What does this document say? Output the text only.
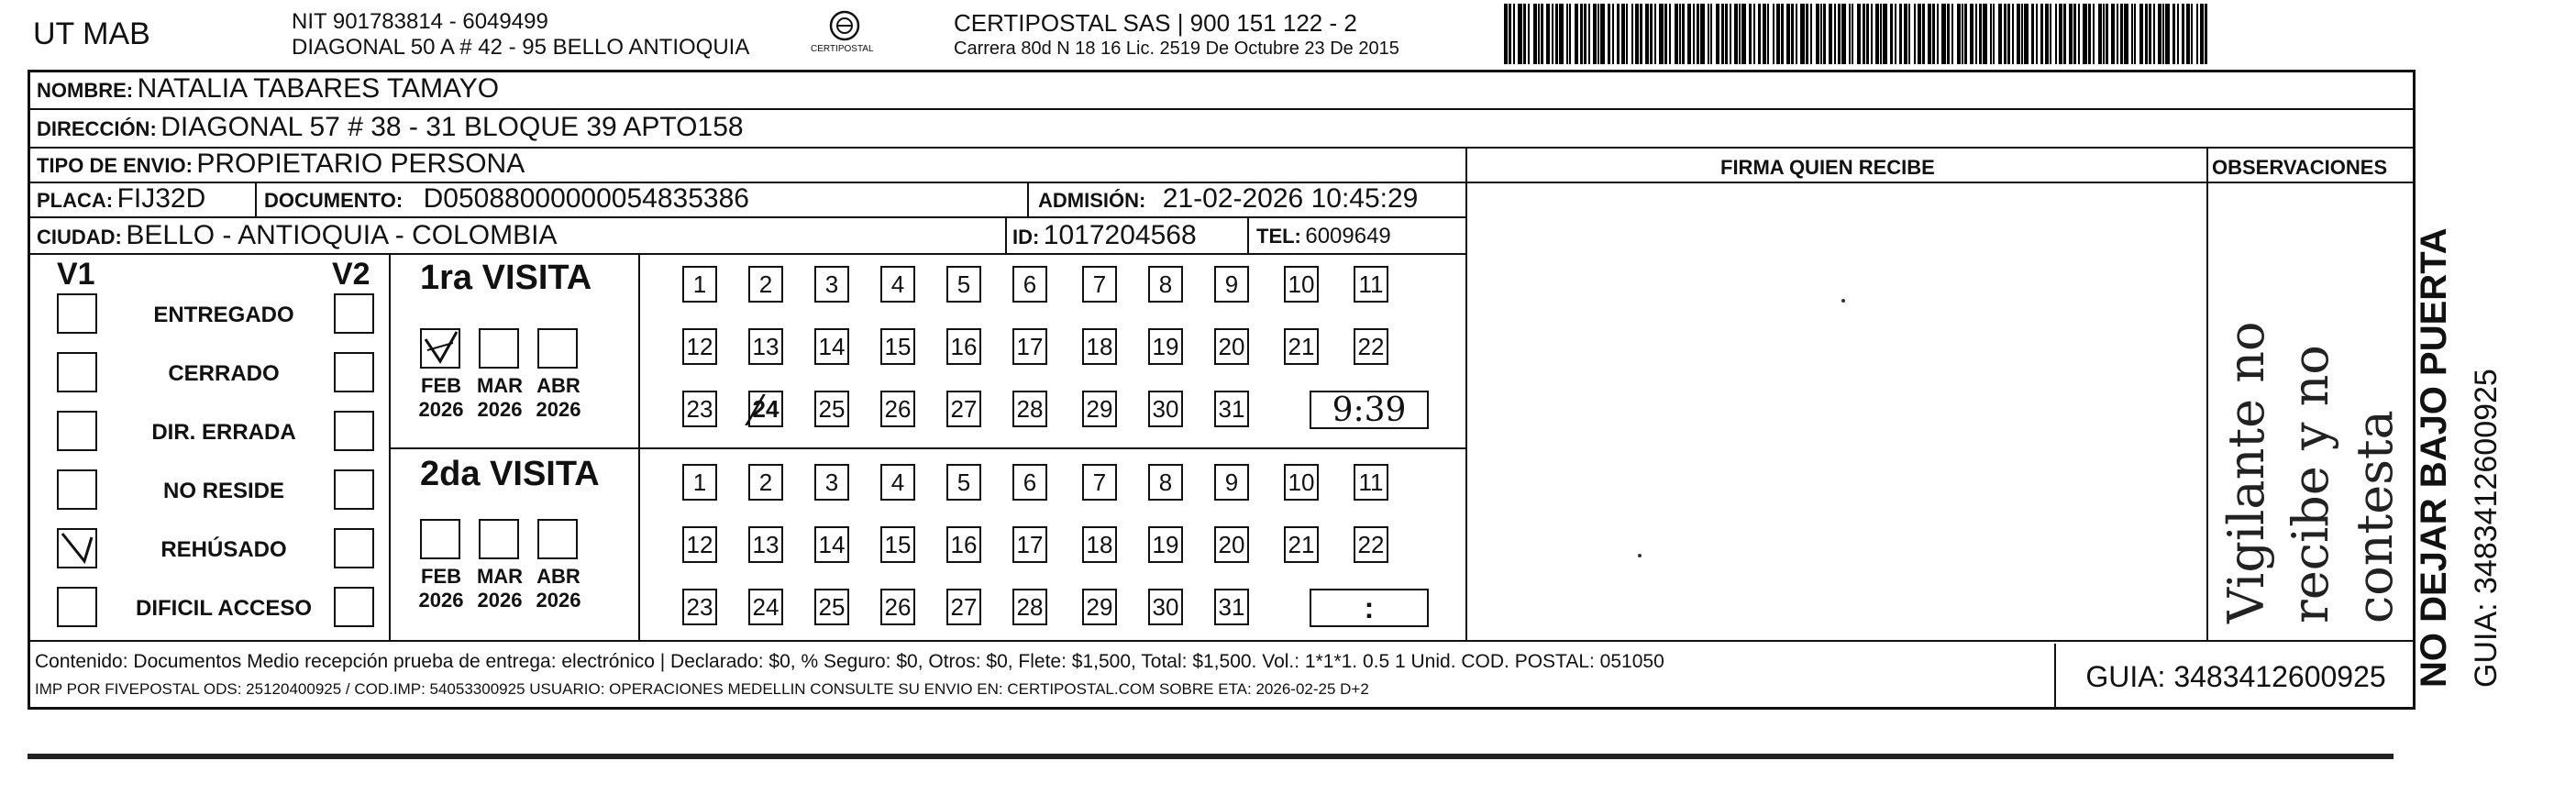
UT MAB	NIT 901783814 - 6049499
DIAGONAL 50 A # 42 - 95 BELLO ANTIOQUIA	CERTIPOSTAL
CERTIPOSTAL SAS | 900 151 122 - 2
Carrera 80d N 18 16 Lic. 2519 De Octubre 23 De 2015
NOMBRE: NATALIA TABARES TAMAYO
DIRECCIÓN: DIAGONAL 57 # 38 - 31 BLOQUE 39 APTO158
TIPO DE ENVIO: PROPIETARIO PERSONA	FIRMA QUIEN RECIBE	OBSERVACIONES
PLACA: FIJ32D	DOCUMENTO: D05088000000054835386	ADMISIÓN: 21-02-2026 10:45:29
CIUDAD: BELLO - ANTIOQUIA - COLOMBIA	ID: 1017204568	TEL: 6009649
V1	V2
ENTREGADO
CERRADO
DIR. ERRADA
NO RESIDE
REHÚSADO
DIFICIL ACCESO
1ra VISITA
FEB
2026
MAR
2026
ABR
2026
1	2	3	4	5	6	7	8	9	10 11
12 13 14 15 16 17 18 19 20 21 22
23 24 25 26 27 28 29 30 31	9:39
2da VISITA
FEB
2026
MAR
2026
ABR
2026
1	2	3	4	5	6	7	8	9	10 11
12 13 14 15 16 17 18 19 20 21 22
23 24 25 26 27 28 29 30 31	:	Vigilante no recibe y no contesta
Contenido: Documentos Medio recepción prueba de entrega: electrónico | Declarado: $0, % Seguro: $0, Otros: $0, Flete: $1,500, Total: $1,500. Vol.: 1*1*1. 0.5 1 Unid. COD. POSTAL: 051050
IMP POR FIVEPOSTAL ODS: 25120400925 / COD.IMP: 54053300925 USUARIO: OPERACIONES MEDELLIN CONSULTE SU ENVIO EN: CERTIPOSTAL.COM SOBRE ETA: 2026-02-25 D+2	GUIA: 3483412600925 NO DEJAR BAJO PUERTA GUIA: 3483412600925
